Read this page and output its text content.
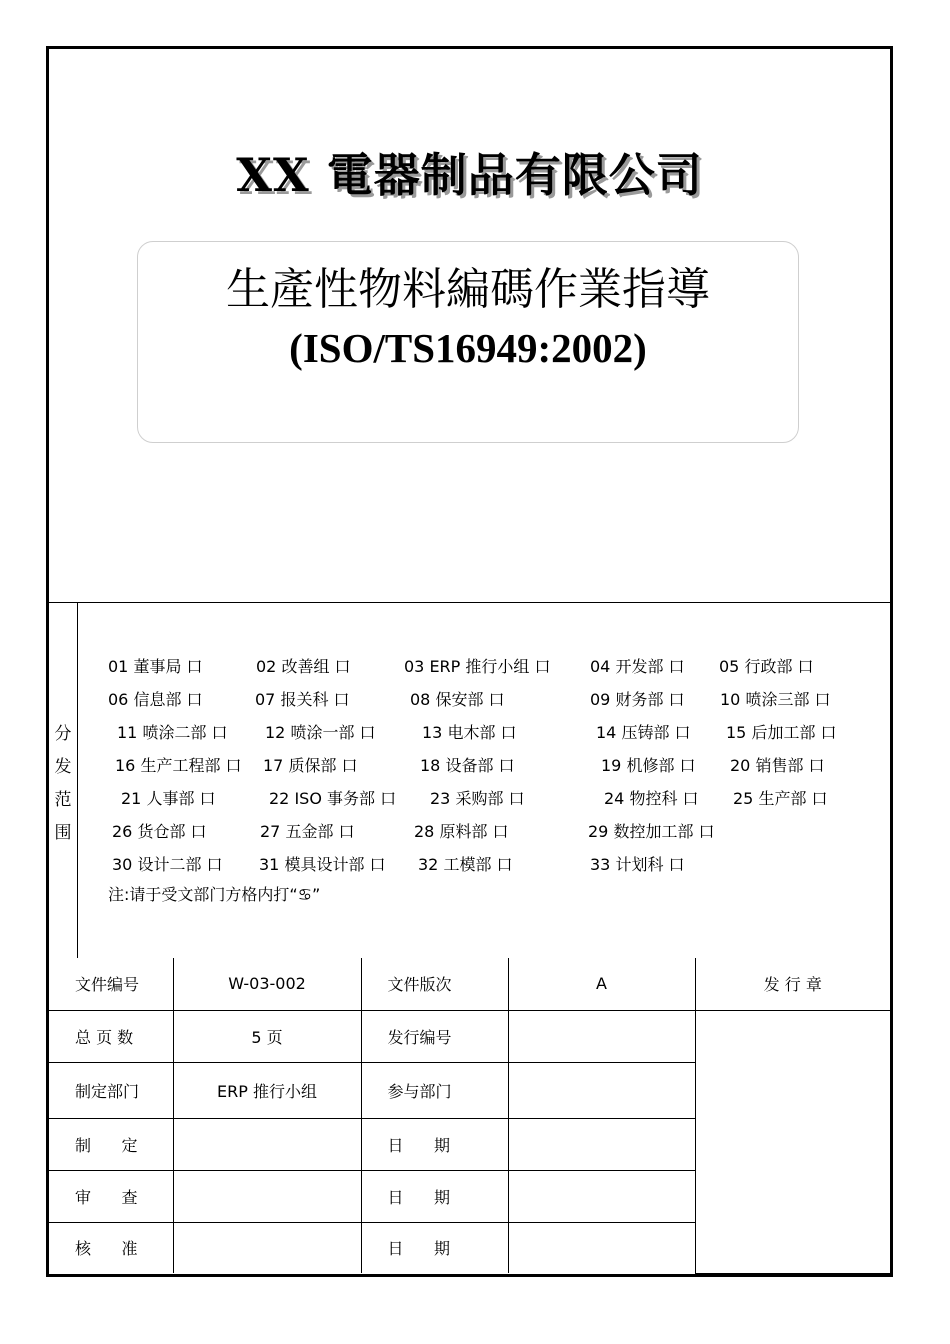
XX 電器制品有限公司
生產性物料編碼作業指導
(ISO/TS16949:2002)
分
发
范
围
01 董事局 口	02 改善组 口	03 ERP 推行小组 口 04 开发部 口 05 行政部 口
06 信息部 口	07 报关科 口	08 保安部 口	09 财务部 口 10 喷涂三部 口
11 喷涂二部 口 12 喷涂一部 口	13 电木部 口	14 压铸部 口 15 后加工部 口
16 生产工程部 口 17 质保部 口	18 设备部 口	19 机修部 口 20 销售部 口
21 人事部 口	22 ISO 事务部 口 23 采购部 口	24 物控科 口 25 生产部 口
26 货仓部 口	27 五金部 口	28 原料部 口	29 数控加工部 口
30 设计二部 口 31 模具设计部 口 32 工模部 口	33 计划科 口
注:请于受文部门方格内打“♋”
文件编号	W-03-002	文件版次	A	发 行 章
总 页 数	5 页	发行编号		
制定部门	ERP 推行小组	参与部门		
制      定		日      期		
审      查		日      期		
核      准		日      期		
